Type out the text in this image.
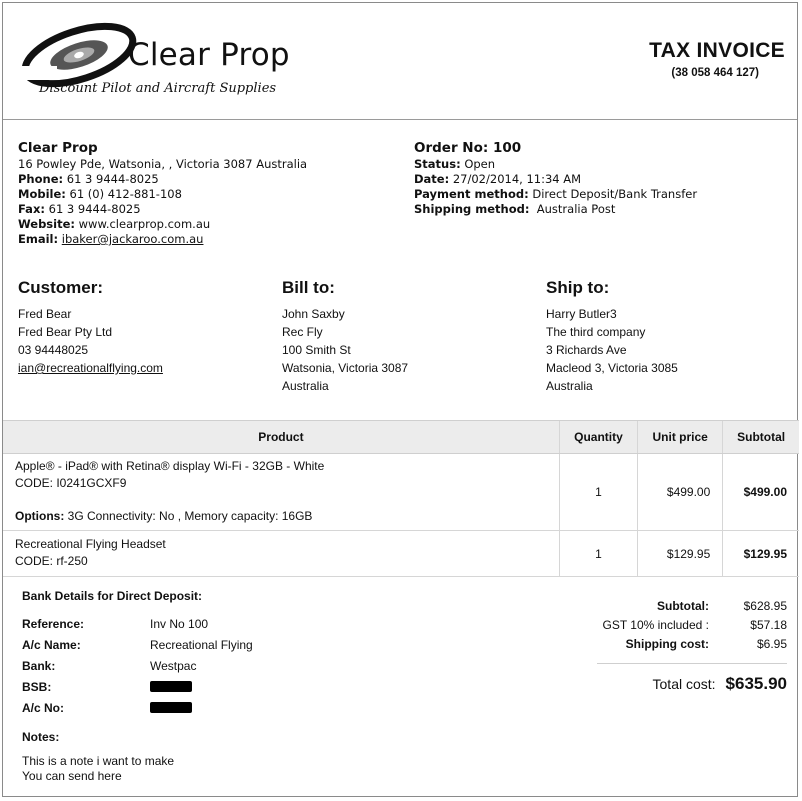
Clear Prop
Discount Pilot and Aircraft Supplies
TAX INVOICE
(38 058 464 127)
Clear Prop
16 Powley Pde, Watsonia, , Victoria 3087 Australia
Phone: 61 3 9444-8025
Mobile: 61 (0) 412-881-108
Fax: 61 3 9444-8025
Website: www.clearprop.com.au
Email: ibaker@jackaroo.com.au
Order No: 100
Status: Open
Date: 27/02/2014, 11:34 AM
Payment method: Direct Deposit/Bank Transfer
Shipping method: Australia Post
Customer:
Fred Bear
Fred Bear Pty Ltd
03 94448025
ian@recreationalflying.com
Bill to:
John Saxby
Rec Fly
100 Smith St
Watsonia, Victoria 3087
Australia
Ship to:
Harry Butler3
The third company
3 Richards Ave
Macleod 3, Victoria 3085
Australia
Product	Quantity	Unit price	Subtotal

Apple® - iPad® with Retina® display Wi-Fi - 32GB - White
CODE: I0241GCXF9
Options: 3G Connectivity: No , Memory capacity: 16GB	1	$499.00	$499.00

Recreational Flying Headset
CODE: rf-250	1	$129.95	$129.95
Bank Details for Direct Deposit:
Reference:	Inv No 100
A/c Name:	Recreational Flying
Bank:	Westpac
BSB:
A/c No:
Notes:
This is a note i want to make
You can send here
Subtotal:	$628.95
GST 10% included :	$57.18
Shipping cost:	$6.95
Total cost: $635.90
